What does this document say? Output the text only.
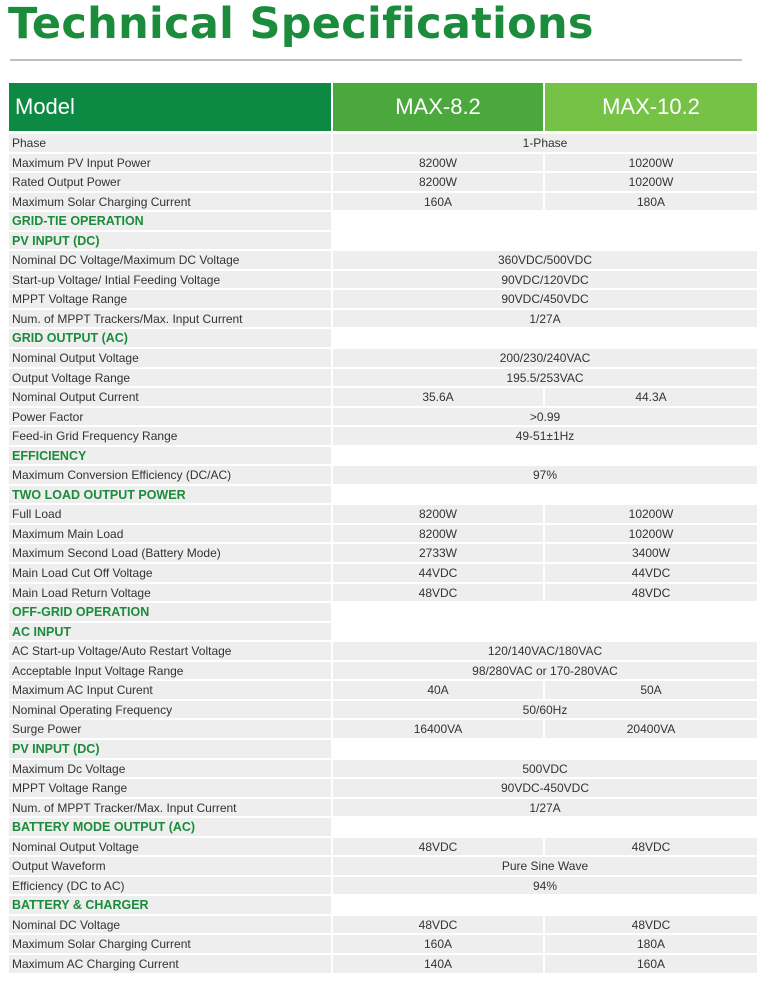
Technical Specifications
Model	MAX-8.2	MAX-10.2
Phase	1-Phase
Maximum PV Input Power	8200W	10200W
Rated Output Power	8200W	10200W
Maximum Solar Charging Current	160A	180A
GRID-TIE OPERATION
PV INPUT (DC)
Nominal DC Voltage/Maximum DC Voltage	360VDC/500VDC
Start-up Voltage/ Intial Feeding Voltage	90VDC/120VDC
MPPT Voltage Range	90VDC/450VDC
Num. of MPPT Trackers/Max. Input Current	1/27A
GRID OUTPUT (AC)
Nominal Output Voltage	200/230/240VAC
Output Voltage Range	195.5/253VAC
Nominal Output Current	35.6A	44.3A
Power Factor	>0.99
Feed-in Grid Frequency Range	49-51±1Hz
EFFICIENCY
Maximum Conversion Efficiency (DC/AC)	97%
TWO LOAD OUTPUT POWER
Full Load	8200W	10200W
Maximum Main Load	8200W	10200W
Maximum Second Load (Battery Mode)	2733W	3400W
Main Load Cut Off Voltage	44VDC	44VDC
Main Load Return Voltage	48VDC	48VDC
OFF-GRID OPERATION
AC INPUT
AC Start-up Voltage/Auto Restart Voltage	120/140VAC/180VAC
Acceptable Input Voltage Range	98/280VAC or 170-280VAC
Maximum AC Input Curent	40A	50A
Nominal Operating Frequency	50/60Hz
Surge Power	16400VA	20400VA
PV INPUT (DC)
Maximum Dc Voltage	500VDC
MPPT Voltage Range	90VDC-450VDC
Num. of MPPT Tracker/Max. Input Current	1/27A
BATTERY MODE OUTPUT (AC)
Nominal Output Voltage	48VDC	48VDC
Output Waveform	Pure Sine Wave
Efficiency (DC to AC)	94%
BATTERY & CHARGER
Nominal DC Voltage	48VDC	48VDC
Maximum Solar Charging Current	160A	180A
Maximum AC Charging Current	140A	160A
